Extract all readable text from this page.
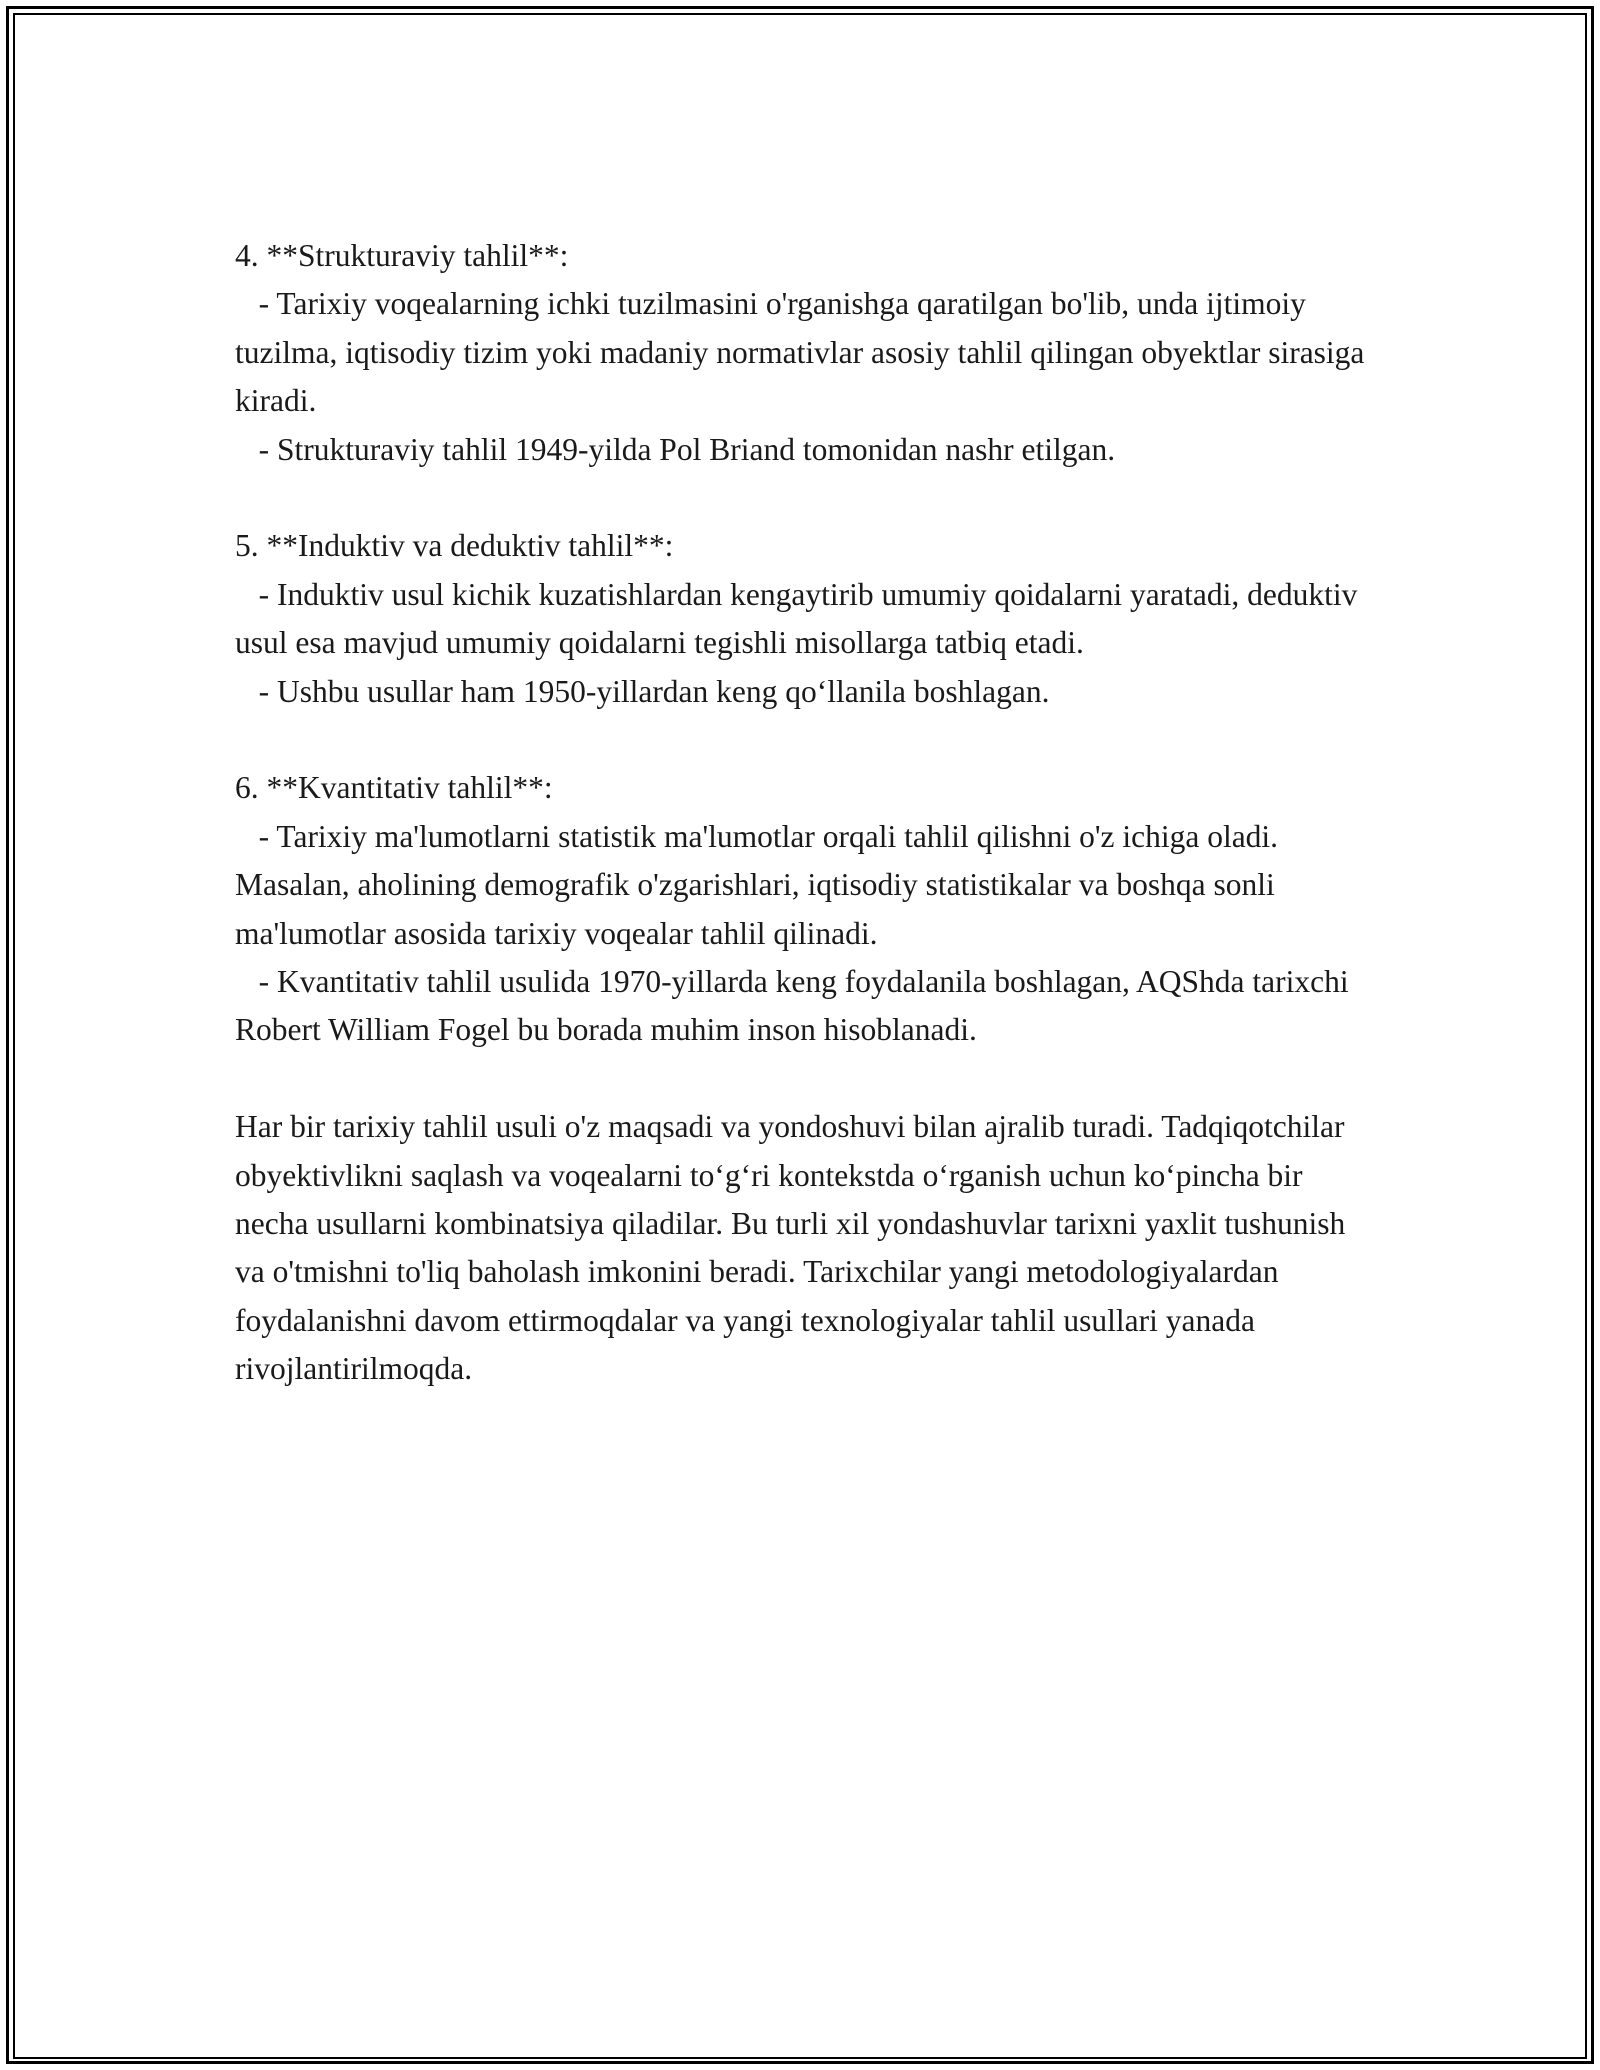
4. **Strukturaviy tahlil**:

- Tarixiy voqealarning ichki tuzilmasini o'rganishga qaratilgan bo'lib, unda ijtimoiy tuzilma, iqtisodiy tizim yoki madaniy normativlar asosiy tahlil qilingan obyektlar sirasiga kiradi.

- Strukturaviy tahlil 1949-yilda Pol Briand tomonidan nashr etilgan.

5. **Induktiv va deduktiv tahlil**:

- Induktiv usul kichik kuzatishlardan kengaytirib umumiy qoidalarni yaratadi, deduktiv usul esa mavjud umumiy qoidalarni tegishli misollarga tatbiq etadi.

- Ushbu usullar ham 1950-yillardan keng qo‘llanila boshlagan.

6. **Kvantitativ tahlil**:

- Tarixiy ma'lumotlarni statistik ma'lumotlar orqali tahlil qilishni o'z ichiga oladi. Masalan, aholining demografik o'zgarishlari, iqtisodiy statistikalar va boshqa sonli ma'lumotlar asosida tarixiy voqealar tahlil qilinadi.

- Kvantitativ tahlil usulida 1970-yillarda keng foydalanila boshlagan, AQShda tarixchi Robert William Fogel bu borada muhim inson hisoblanadi.

Har bir tarixiy tahlil usuli o'z maqsadi va yondoshuvi bilan ajralib turadi. Tadqiqotchilar obyektivlikni saqlash va voqealarni to‘g‘ri kontekstda o‘rganish uchun ko‘pincha bir necha usullarni kombinatsiya qiladilar. Bu turli xil yondashuvlar tarixni yaxlit tushunish va o'tmishni to'liq baholash imkonini beradi. Tarixchilar yangi metodologiyalardan foydalanishni davom ettirmoqdalar va yangi texnologiyalar tahlil usullari yanada rivojlantirilmoqda.
